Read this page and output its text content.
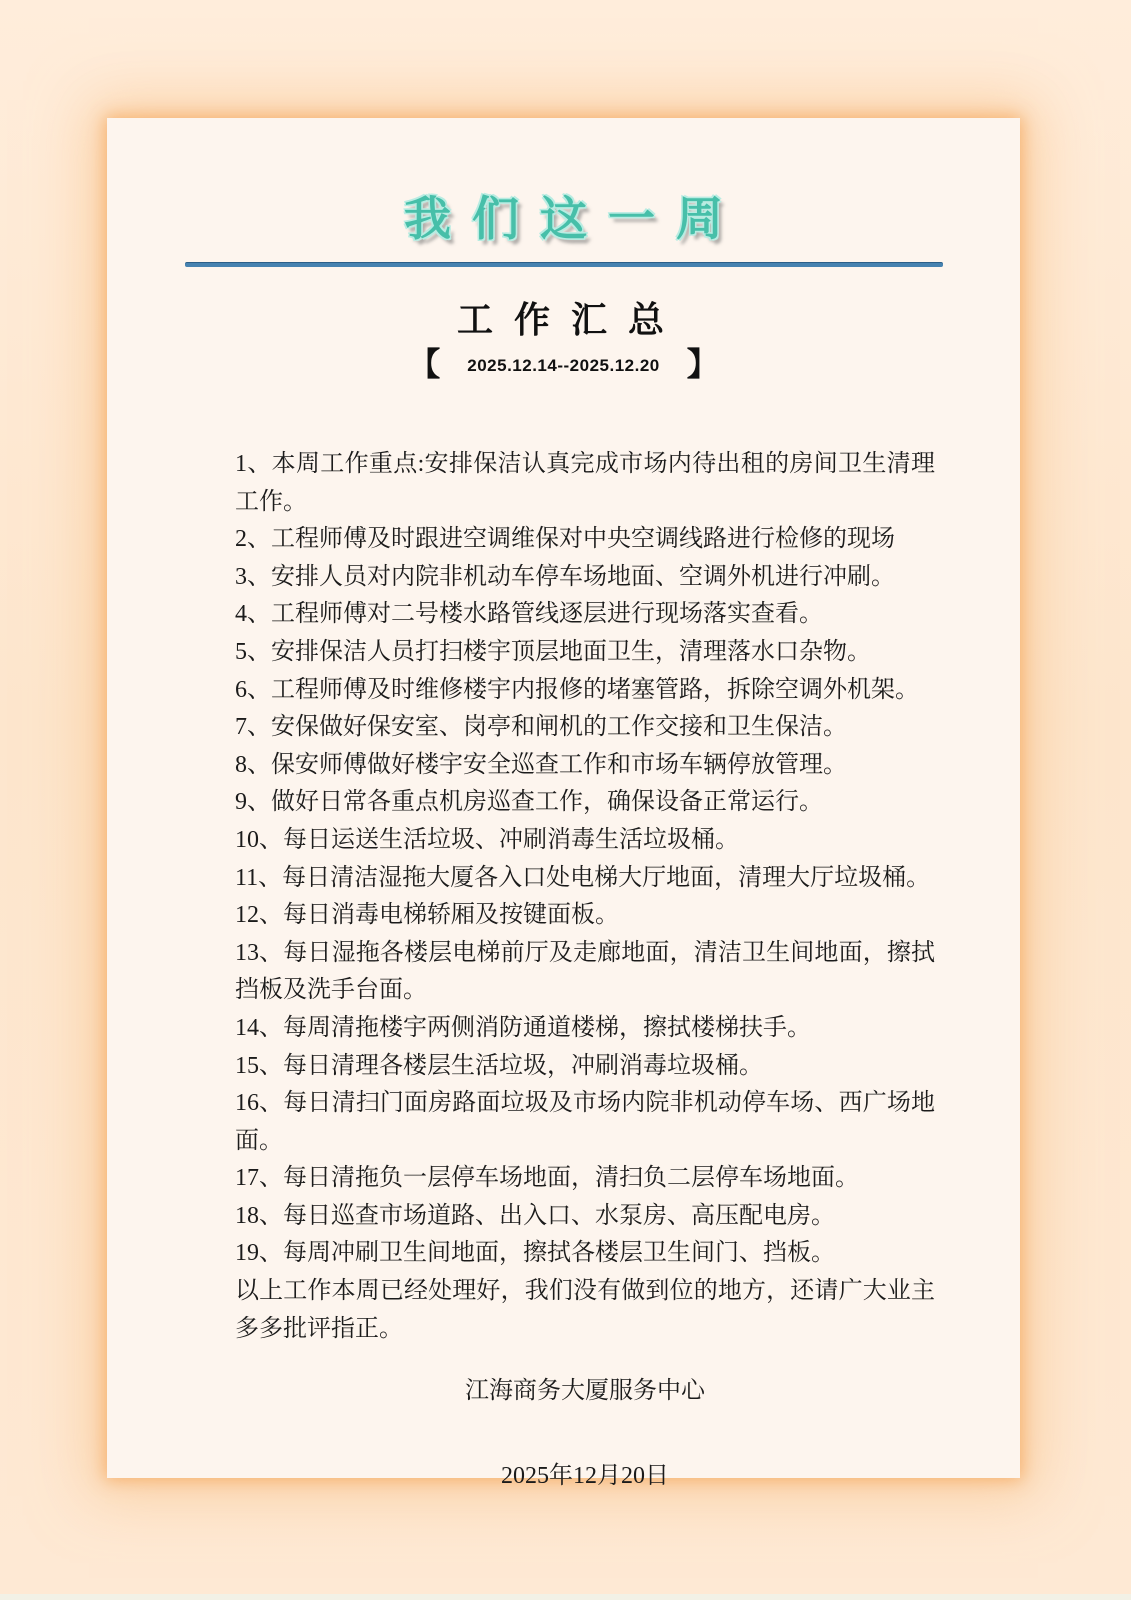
我们这一周
工 作 汇 总
【 2025.12.14--2025.12.20 】

1、本周工作重点:安排保洁认真完成市场内待出租的房间卫生清理工作。

2、工程师傅及时跟进空调维保对中央空调线路进行检修的现场

3、安排人员对内院非机动车停车场地面、空调外机进行冲刷。

4、工程师傅对二号楼水路管线逐层进行现场落实查看。

5、安排保洁人员打扫楼宇顶层地面卫生，清理落水口杂物。

6、工程师傅及时维修楼宇内报修的堵塞管路，拆除空调外机架。

7、安保做好保安室、岗亭和闸机的工作交接和卫生保洁。

8、保安师傅做好楼宇安全巡查工作和市场车辆停放管理。

9、做好日常各重点机房巡查工作，确保设备正常运行。

10、每日运送生活垃圾、冲刷消毒生活垃圾桶。

11、每日清洁湿拖大厦各入口处电梯大厅地面，清理大厅垃圾桶。

12、每日消毒电梯轿厢及按键面板。

13、每日湿拖各楼层电梯前厅及走廊地面，清洁卫生间地面，擦拭挡板及洗手台面。

14、每周清拖楼宇两侧消防通道楼梯，擦拭楼梯扶手。

15、每日清理各楼层生活垃圾，冲刷消毒垃圾桶。

16、每日清扫门面房路面垃圾及市场内院非机动停车场、西广场地面。

17、每日清拖负一层停车场地面，清扫负二层停车场地面。

18、每日巡查市场道路、出入口、水泵房、高压配电房。

19、每周冲刷卫生间地面，擦拭各楼层卫生间门、挡板。

以上工作本周已经处理好，我们没有做到位的地方，还请广大业主多多批评指正。

江海商务大厦服务中心
2025年12月20日
